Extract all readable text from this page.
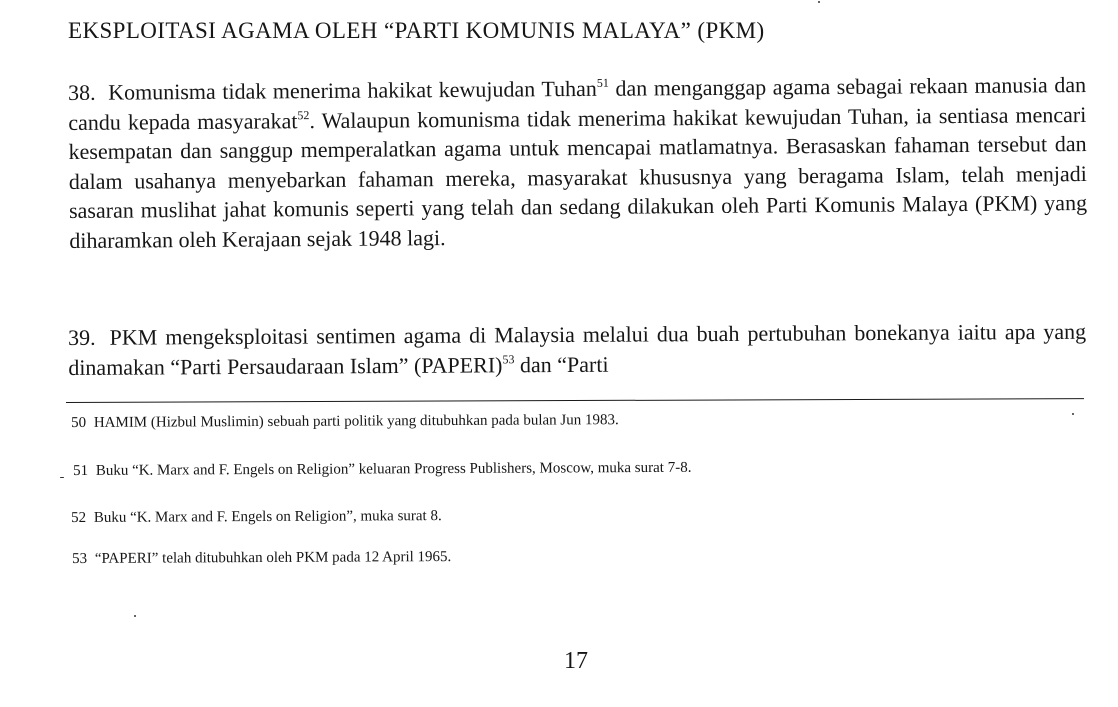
EKSPLOITASI AGAMA OLEH “PARTI KOMUNIS MALAYA” (PKM)

38. Komunisma tidak menerima hakikat kewujudan Tuhan$^{51}$ dan menganggap agama sebagai rekaan manusia dan candu kepada masyarakat$^{52}$. Walaupun komunisma tidak menerima hakikat kewujudan Tuhan, ia sentiasa mencari kesempatan dan sanggup memperalatkan agama untuk mencapai matlamatnya. Berasaskan fahaman tersebut dan dalam usahanya menyebarkan fahaman mereka, masyarakat khususnya yang beragama Islam, telah menjadi sasaran muslihat jahat komunis seperti yang telah dan sedang dilakukan oleh Parti Komunis Malaya (PKM) yang diharamkan oleh Kerajaan sejak 1948 lagi.

39. PKM mengeksploitasi sentimen agama di Malaysia melalui dua buah pertubuhan bonekanya iaitu apa yang dinamakan “Parti Persaudaraan Islam” (PAPERI)$^{53}$ dan “Parti

50 HAMIM (Hizbul Muslimin) sebuah parti politik yang ditubuhkan pada bulan Jun 1983.
51 Buku “K. Marx and F. Engels on Religion” keluaran Progress Publishers, Moscow, muka surat 7-8.
52 Buku “K. Marx and F. Engels on Religion”, muka surat 8.
53 “PAPERI” telah ditubuhkan oleh PKM pada 12 April 1965.
17
